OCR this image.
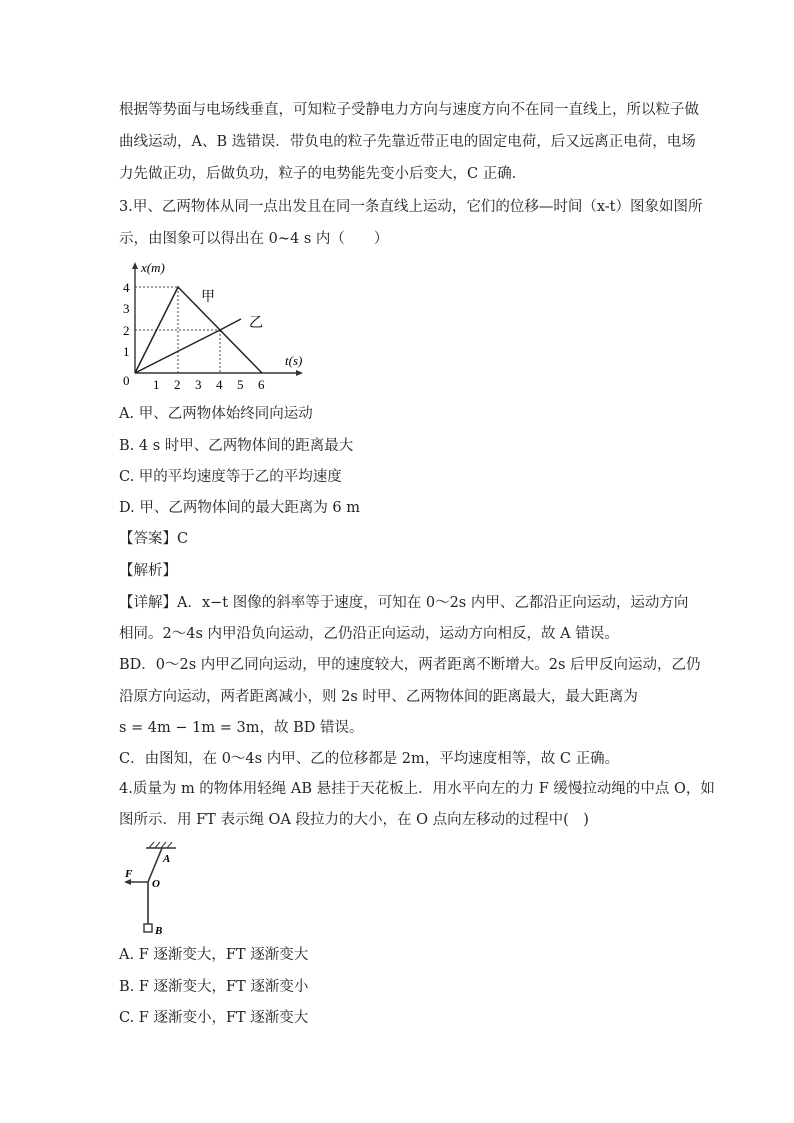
根据等势面与电场线垂直，可知粒子受静电力方向与速度方向不在同一直线上，所以粒子做
曲线运动，A、B 选错误．带负电的粒子先靠近带正电的固定电荷，后又远离正电荷，电场
力先做正功，后做负功，粒子的电势能先变小后变大，C 正确．
3.甲、乙两物体从同一点出发且在同一条直线上运动，它们的位移—时间（x-t）图象如图所
示，由图象可以得出在 0~4 s 内（　　）
0 1 2 3 4 5 6
1
2
3
4
x(m)
t(s)
甲
乙
A. 甲、乙两物体始终同向运动
B. 4 s 时甲、乙两物体间的距离最大
C. 甲的平均速度等于乙的平均速度
D. 甲、乙两物体间的最大距离为 6 m
【答案】C
【解析】
【详解】A．x−t 图像的斜率等于速度，可知在 0～2s 内甲、乙都沿正向运动，运动方向
相同。2～4s 内甲沿负向运动，乙仍沿正向运动，运动方向相反，故 A 错误。
BD．0～2s 内甲乙同向运动，甲的速度较大，两者距离不断增大。2s 后甲反向运动，乙仍
沿原方向运动，两者距离减小，则 2s 时甲、乙两物体间的距离最大，最大距离为
s = 4m − 1m = 3m，故 BD 错误。
C．由图知，在 0～4s 内甲、乙的位移都是 2m，平均速度相等，故 C 正确。
4.质量为 m 的物体用轻绳 AB 悬挂于天花板上．用水平向左的力 F 缓慢拉动绳的中点 O，如
图所示．用 FT 表示绳 OA 段拉力的大小，在 O 点向左移动的过程中(　)
A
F
O
B
A. F 逐渐变大，FT 逐渐变大
B. F 逐渐变大，FT 逐渐变小
C. F 逐渐变小，FT 逐渐变大
